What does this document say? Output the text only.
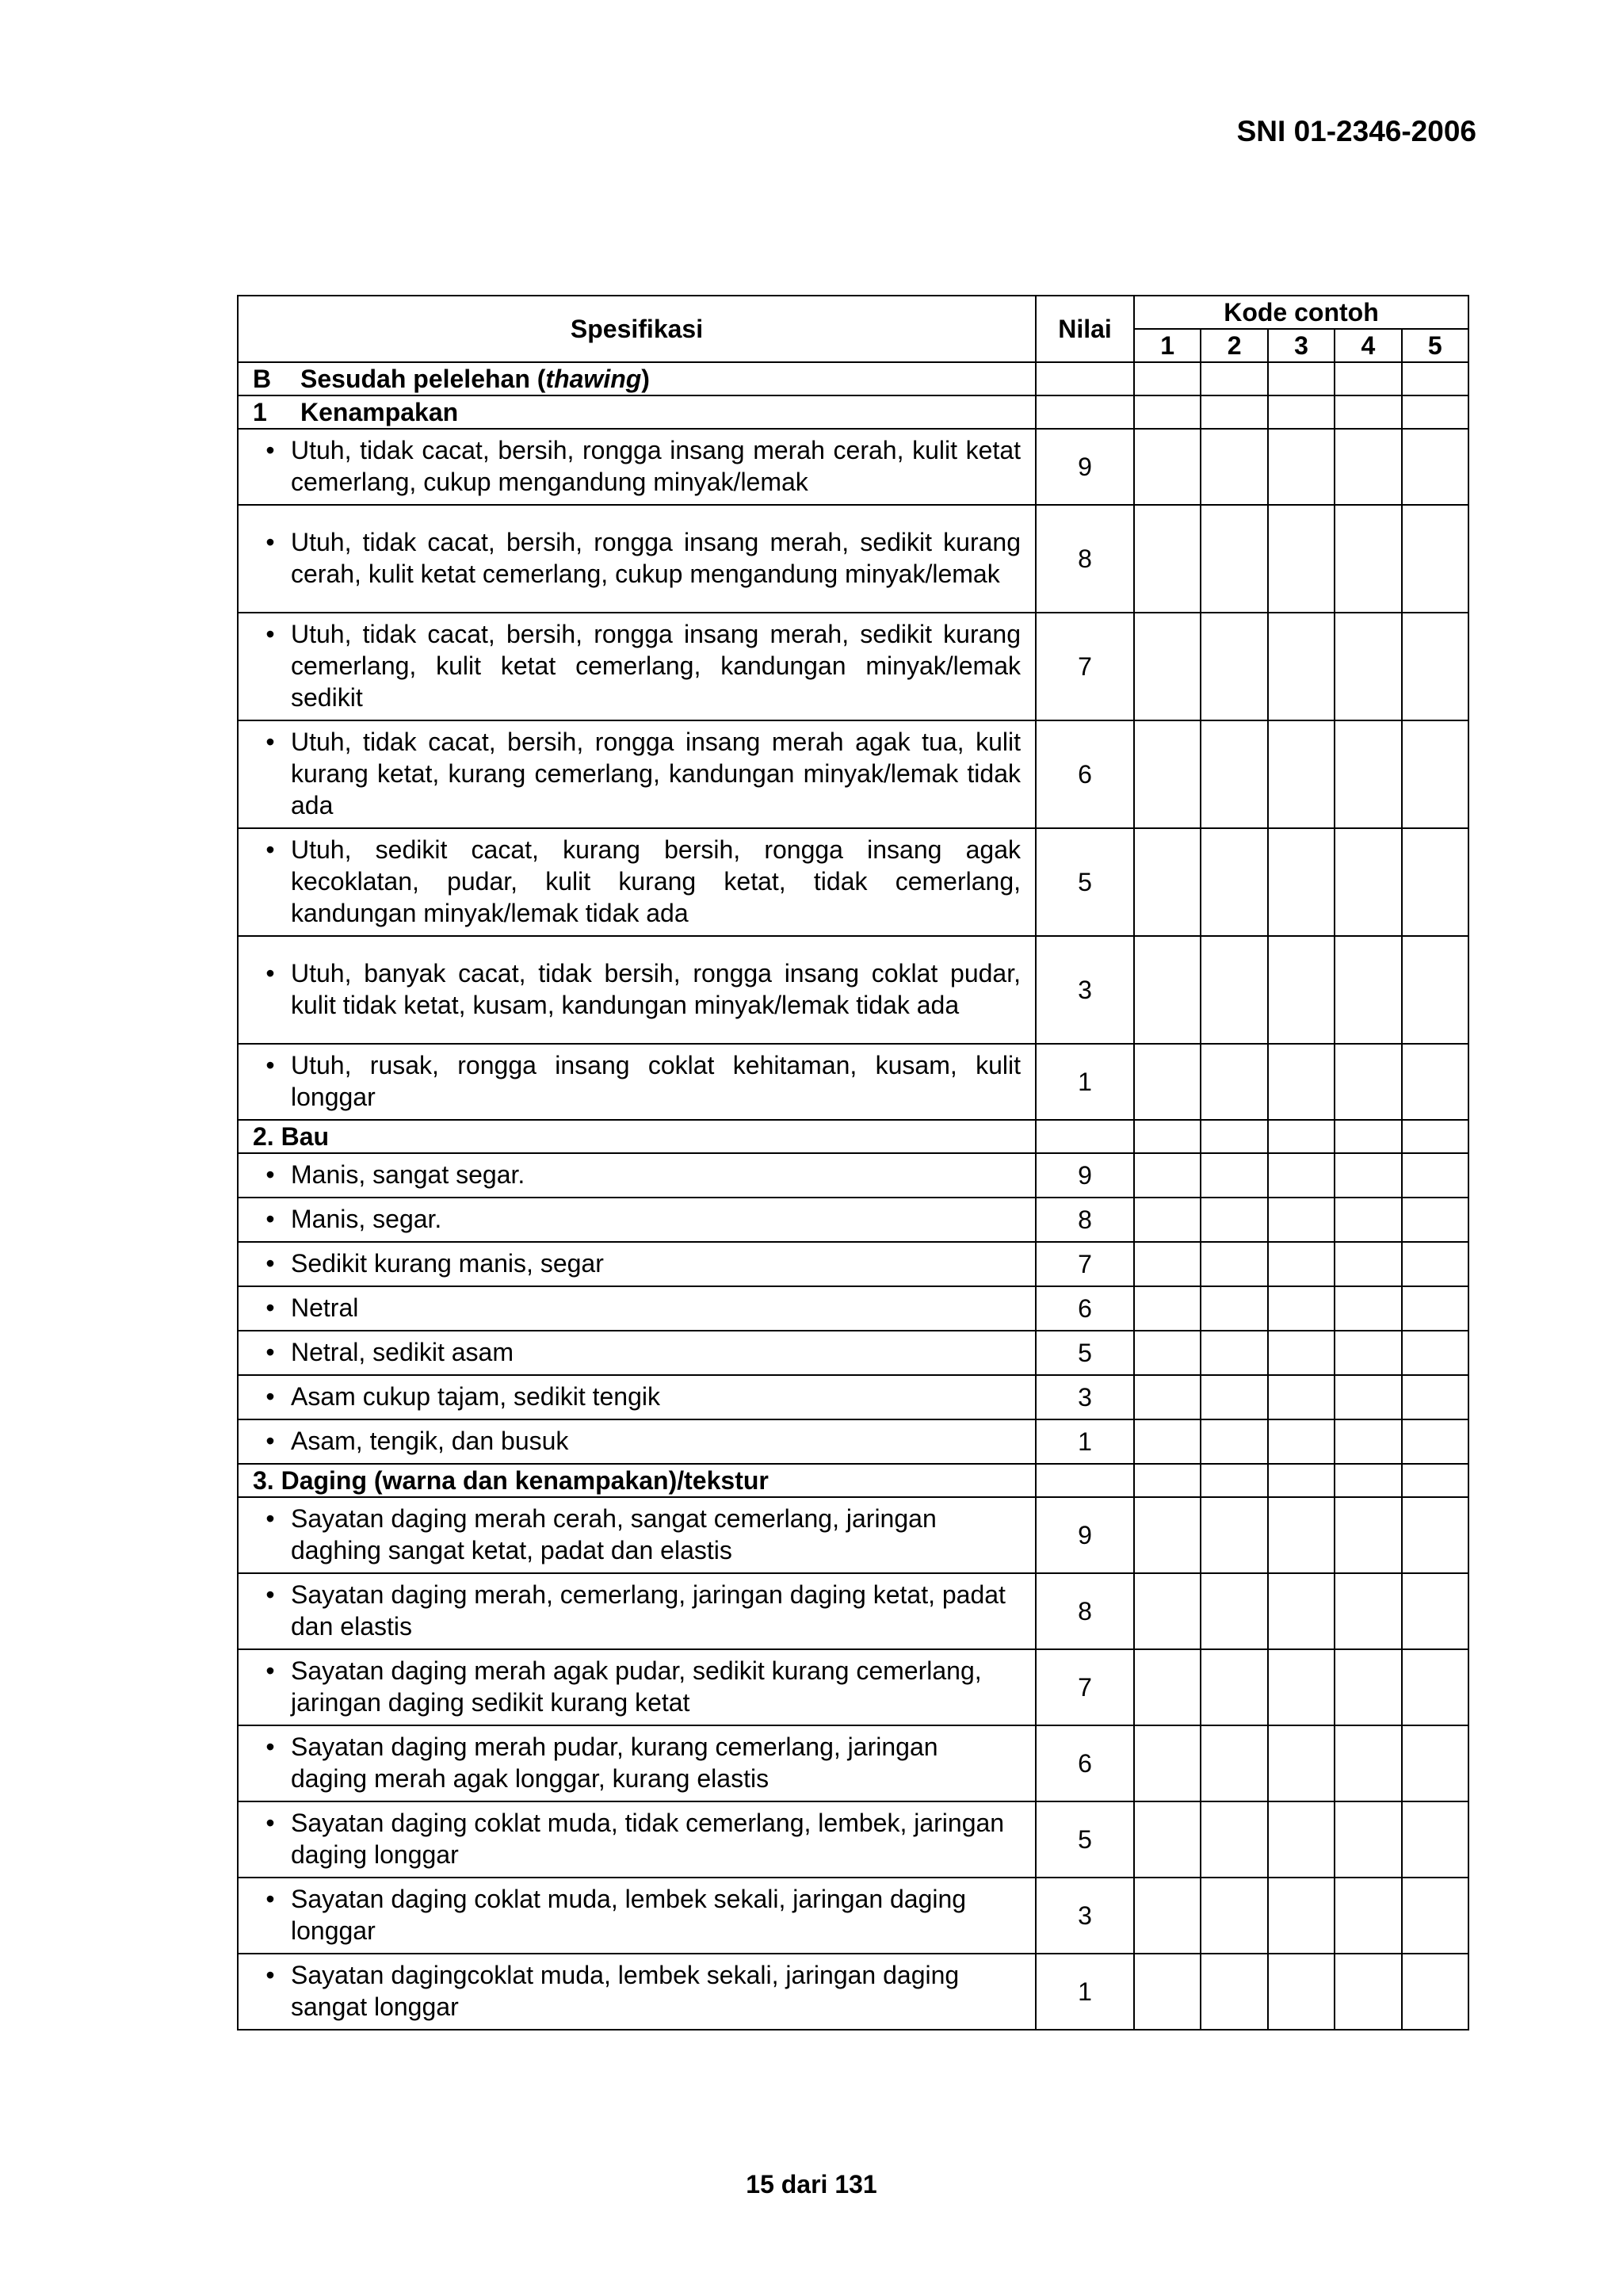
SNI 01-2346-2006
Spesifikasi	Nilai	Kode contoh				
		1	2	3	4	5
B Sesudah pelelehan (thawing)						
1 Kenampakan						

• Utuh, tidak cacat, bersih, rongga insang merah cerah, kulit ketat cemerlang, cukup mengandung minyak/lemak	9					

• Utuh, tidak cacat, bersih, rongga insang merah, sedikit kurang cerah, kulit ketat cemerlang, cukup mengandung minyak/lemak	8					

• Utuh, tidak cacat, bersih, rongga insang merah, sedikit kurang cemerlang, kulit ketat cemerlang, kandungan minyak/lemak sedikit	7					

• Utuh, tidak cacat, bersih, rongga insang merah agak tua, kulit kurang ketat, kurang cemerlang, kandungan minyak/lemak tidak ada	6					

• Utuh, sedikit cacat, kurang bersih, rongga insang agak kecoklatan, pudar, kulit kurang ketat, tidak cemerlang, kandungan minyak/lemak tidak ada	5					

• Utuh, banyak cacat, tidak bersih, rongga insang coklat pudar, kulit tidak ketat, kusam, kandungan minyak/lemak tidak ada	3					

• Utuh, rusak, rongga insang coklat kehitaman, kusam, kulit longgar	1					
2. Bau						

• Manis, sangat segar.	9					

• Manis, segar.	8					

• Sedikit kurang manis, segar	7					

• Netral	6					

• Netral, sedikit asam	5					

• Asam cukup tajam, sedikit tengik	3					

• Asam, tengik, dan busuk	1					
3. Daging (warna dan kenampakan)/tekstur						

• Sayatan daging merah cerah, sangat cemerlang, jaringan daghing sangat ketat, padat dan elastis	9					

• Sayatan daging merah, cemerlang, jaringan daging ketat, padat dan elastis	8					

• Sayatan daging merah agak pudar, sedikit kurang cemerlang, jaringan daging sedikit kurang ketat	7					

• Sayatan daging merah pudar, kurang cemerlang, jaringan daging merah agak longgar, kurang elastis	6					

• Sayatan daging coklat muda, tidak cemerlang, lembek, jaringan daging longgar	5					

• Sayatan daging coklat muda, lembek sekali, jaringan daging longgar	3					

• Sayatan dagingcoklat muda, lembek sekali, jaringan daging sangat longgar	1					
15 dari 131
